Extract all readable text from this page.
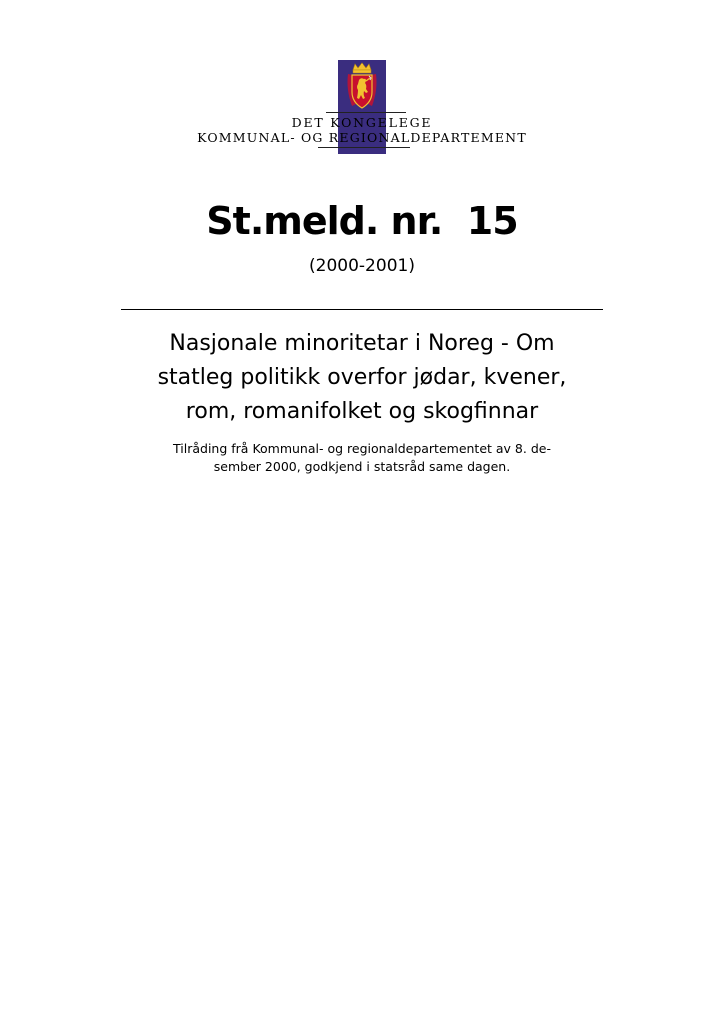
DET KONGELEGE
KOMMUNAL- OG REGIONALDEPARTEMENT
St.meld. nr.  15
(2000-2001)
Nasjonale minoritetar i Noreg - Om
statleg politikk overfor jødar, kvener,
rom, romanifolket og skogfinnar
Tilråding frå Kommunal- og regionaldepartementet av 8. de-
sember 2000, godkjend i statsråd same dagen.
